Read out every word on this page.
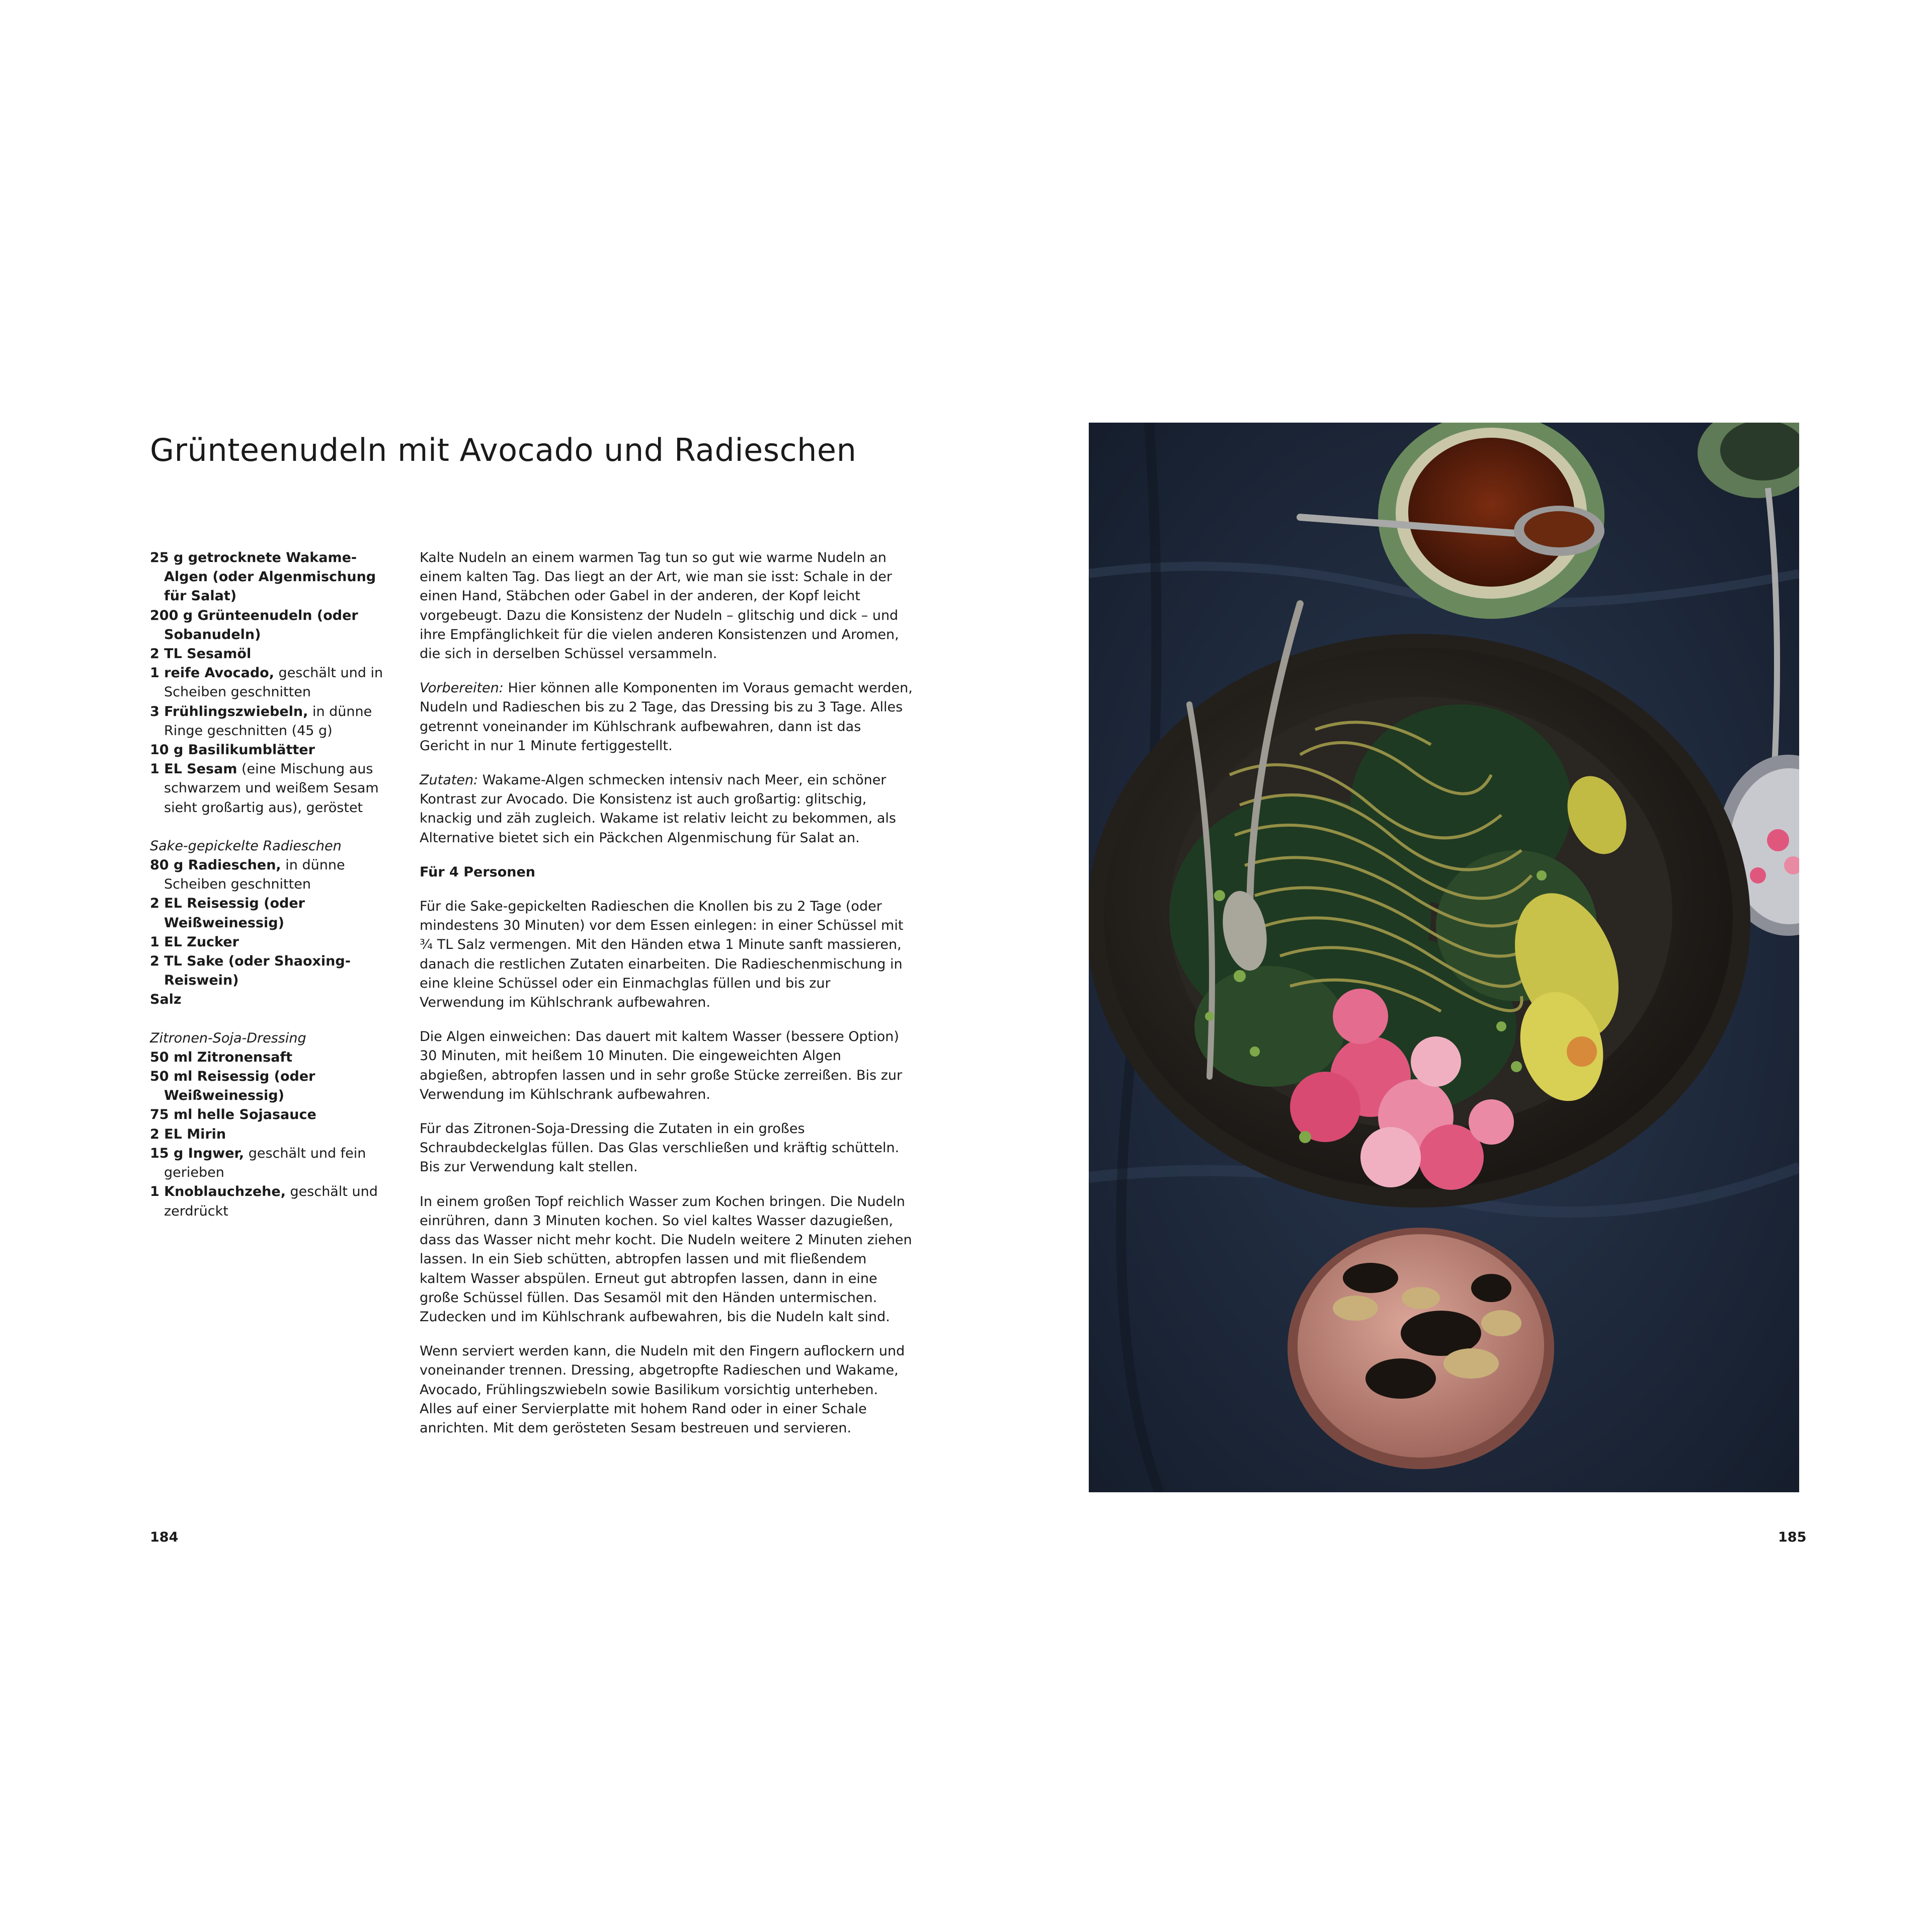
Grünteenudeln mit Avocado und Radieschen
25 g getrocknete Wakame-Algen (oder Algenmischung für Salat)
200 g Grünteenudeln (oder Sobanudeln)
2 TL Sesamöl
1 reife Avocado, geschält und in Scheiben geschnitten
3 Frühlingszwiebeln, in dünne Ringe geschnitten (45 g)
10 g Basilikumblätter
1 EL Sesam (eine Mischung aus schwarzem und weißem Sesam sieht großartig aus), geröstet
Sake-gepickelte Radieschen
80 g Radieschen, in dünne Scheiben geschnitten
2 EL Reisessig (oder Weißweinessig)
1 EL Zucker
2 TL Sake (oder Shaoxing-Reiswein)
Salz
Zitronen-Soja-Dressing
50 ml Zitronensaft
50 ml Reisessig (oder Weißweinessig)
75 ml helle Sojasauce
2 EL Mirin
15 g Ingwer, geschält und fein gerieben
1 Knoblauchzehe, geschält und zerdrückt

Kalte Nudeln an einem warmen Tag tun so gut wie warme Nudeln an einem kalten Tag. Das liegt an der Art, wie man sie isst: Schale in der einen Hand, Stäbchen oder Gabel in der anderen, der Kopf leicht vorgebeugt. Dazu die Konsistenz der Nudeln – glitschig und dick – und ihre Empfänglichkeit für die vielen anderen Konsistenzen und Aromen, die sich in derselben Schüssel versammeln.

Vorbereiten: Hier können alle Komponenten im Voraus gemacht werden, Nudeln und Radieschen bis zu 2 Tage, das Dressing bis zu 3 Tage. Alles getrennt voneinander im Kühlschrank aufbewahren, dann ist das Gericht in nur 1 Minute fertiggestellt.

Zutaten: Wakame-Algen schmecken intensiv nach Meer, ein schöner Kontrast zur Avocado. Die Konsistenz ist auch großartig: glitschig, knackig und zäh zugleich. Wakame ist relativ leicht zu bekommen, als Alternative bietet sich ein Päckchen Algenmischung für Salat an.

Für 4 Personen

Für die Sake-gepickelten Radieschen die Knollen bis zu 2 Tage (oder mindestens 30 Minuten) vor dem Essen einlegen: in einer Schüssel mit ¾ TL Salz vermengen. Mit den Händen etwa 1 Minute sanft massieren, danach die restlichen Zutaten einarbeiten. Die Radieschenmischung in eine kleine Schüssel oder ein Einmachglas füllen und bis zur Verwendung im Kühlschrank aufbewahren.

Die Algen einweichen: Das dauert mit kaltem Wasser (bessere Option) 30 Minuten, mit heißem 10 Minuten. Die eingeweichten Algen abgießen, abtropfen lassen und in sehr große Stücke zerreißen. Bis zur Verwendung im Kühlschrank aufbewahren.

Für das Zitronen-Soja-Dressing die Zutaten in ein großes Schraubdeckelglas füllen. Das Glas verschließen und kräftig schütteln. Bis zur Verwendung kalt stellen.

In einem großen Topf reichlich Wasser zum Kochen bringen. Die Nudeln einrühren, dann 3 Minuten kochen. So viel kaltes Wasser dazugießen, dass das Wasser nicht mehr kocht. Die Nudeln weitere 2 Minuten ziehen lassen. In ein Sieb schütten, abtropfen lassen und mit fließendem kaltem Wasser abspülen. Erneut gut abtropfen lassen, dann in eine große Schüssel füllen. Das Sesamöl mit den Händen untermischen. Zudecken und im Kühlschrank aufbewahren, bis die Nudeln kalt sind.

Wenn serviert werden kann, die Nudeln mit den Fingern auflockern und voneinander trennen. Dressing, abgetropfte Radieschen und Wakame, Avocado, Frühlingszwiebeln sowie Basilikum vorsichtig unterheben. Alles auf einer Servierplatte mit hohem Rand oder in einer Schale anrichten. Mit dem gerösteten Sesam bestreuen und servieren.

184	185
